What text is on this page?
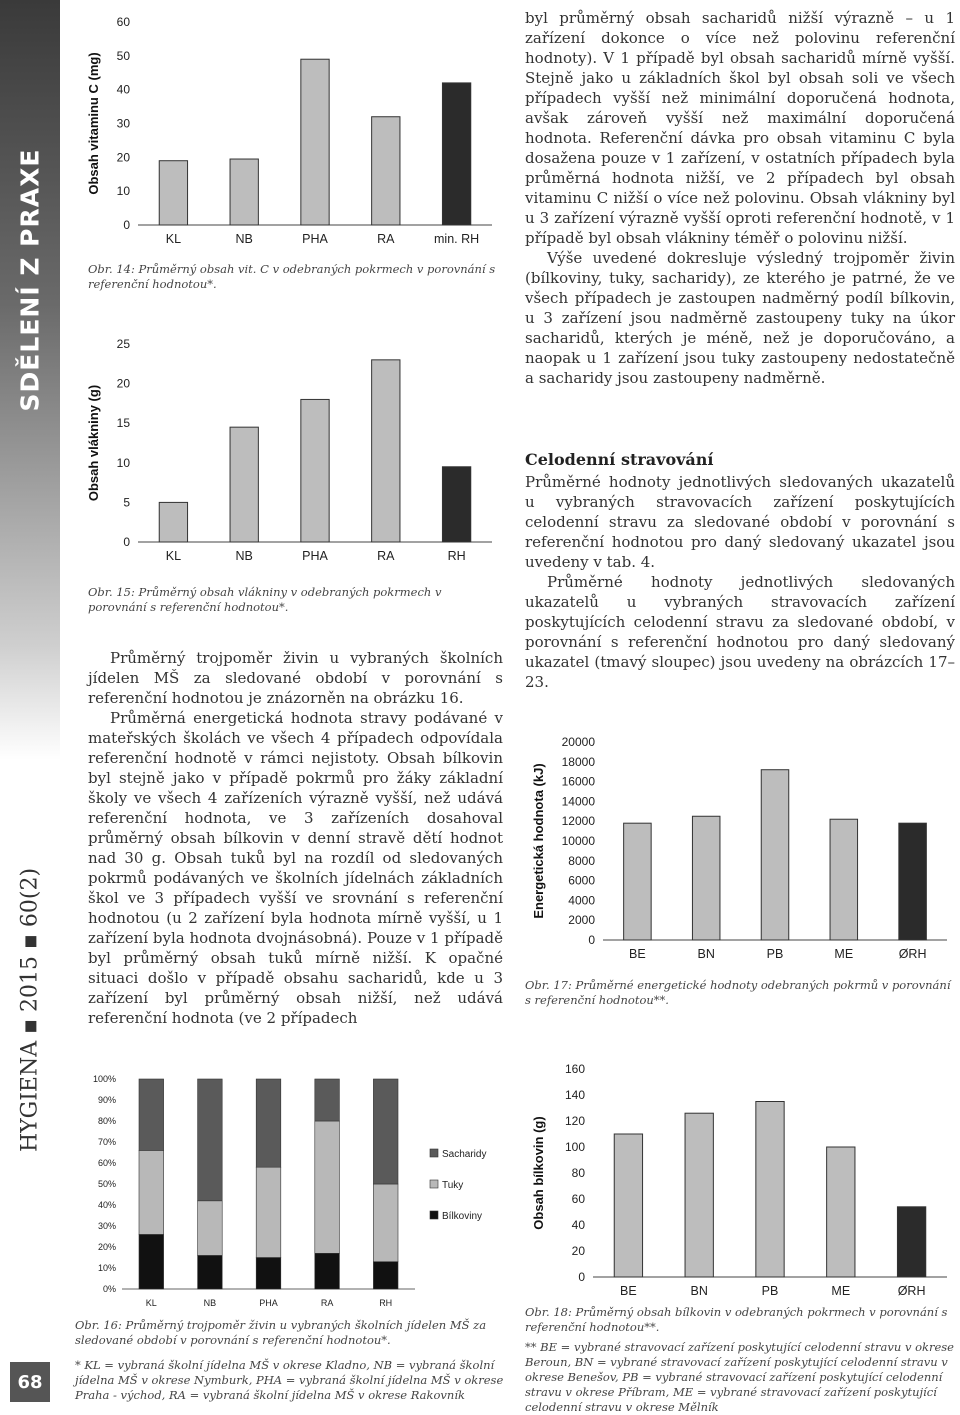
SDĚLENÍ Z PRAXE
HYGIENA ▪ 2015 ▪ 60(2)
68
Obsah vitaminu C (mg)
0
10
20
30
40
50
60
KL	NB	PHA	RA	min. RH
Obr. 14: Průměrný obsah vit. C v odebraných pokrmech v porovnání s referenční hodnotou*.
Obsah vlákniny (g)
0
5
10
15
20
25
KL	NB	PHA	RA	RH
Obr. 15: Průměrný obsah vlákniny v odebraných pokrmech v porovnání s referenční hodnotou*.

Průměrný trojpoměr živin u vybraných školních jídelen MŠ za sledované období v porovnání s referenční hodnotou je znázorněn na obrázku 16.

Průměrná energetická hodnota stravy podávané v mateřských školách ve všech 4 případech odpovídala referenční hodnotě v rámci nejistoty. Obsah bílkovin byl stejně jako v případě pokrmů pro žáky základní školy ve všech 4 zařízeních výrazně vyšší, než udává referenční hodnota, ve 3 zařízeních dosahoval průměrný obsah bílkovin v denní stravě dětí hodnot nad 30 g. Obsah tuků byl na rozdíl od sledovaných pokrmů podávaných ve školních jídelnách základních škol ve 3 případech vyšší ve srovnání s referenční hodnotou (u 2 zařízení byla hodnota mírně vyšší, u 1 zařízení byla hodnota dvojnásobná). Pouze v 1 případě byl průměrný obsah tuků mírně nižší. K opačné situaci došlo v případě obsahu sacharidů, kde u 3 zařízení byl průměrný obsah nižší, než udává referenční hodnota (ve 2 případech

0%
10%
20%
30%
40%
50%
60%
70%
80%
90%
100%
KL	NB	PHA	RA	RH
Sacharidy
Tuky
Bílkoviny
Obr. 16: Průměrný trojpoměr živin u vybraných školních jídelen MŠ za sledované období v porovnání s referenční hodnotou*.
* KL = vybraná školní jídelna MŠ v okrese Kladno, NB = vybraná školní jídelna MŠ v okrese Nymburk, PHA = vybraná školní jídelna MŠ v okrese Praha - východ, RA = vybraná školní jídelna MŠ v okrese Rakovník

byl průměrný obsah sacharidů nižší výrazně – u 1 zařízení dokonce o více než polovinu referenční hodnoty). V 1 případě byl obsah sacharidů mírně vyšší. Stejně jako u základních škol byl obsah soli ve všech případech vyšší než minimální doporučená hodnota, avšak zároveň vyšší než maximální doporučená hodnota. Referenční dávka pro obsah vitaminu C byla dosažena pouze v 1 zařízení, v ostatních případech byla průměrná hodnota nižší, ve 2 případech byl obsah vitaminu C nižší o více než polovinu. Obsah vlákniny byl u 3 zařízení výrazně vyšší oproti referenční hodnotě, v 1 případě byl obsah vlákniny téměř o polovinu nižší.

Výše uvedené dokresluje výsledný trojpoměr živin (bílkoviny, tuky, sacharidy), ze kterého je patrné, že ve všech případech je zastoupen nadměrný podíl bílkovin, u 3 zařízení jsou nadměrně zastoupeny tuky na úkor sacharidů, kterých je méně, než je doporučováno, a naopak u 1 zařízení jsou tuky zastoupeny nedostatečně a sacharidy jsou zastoupeny nadměrně.

Celodenní stravování

Průměrné hodnoty jednotlivých sledovaných ukazatelů u vybraných stravovacích zařízení poskytujících celodenní stravu za sledované období v porovnání s referenční hodnotou pro daný sledovaný ukazatel jsou uvedeny v tab. 4.

Průměrné hodnoty jednotlivých sledovaných ukazatelů u vybraných stravovacích zařízení poskytujících celodenní stravu za sledované období, v porovnání s referenční hodnotou pro daný sledovaný ukazatel (tmavý sloupec) jsou uvedeny na obrázcích 17–23.

Energetická hodnota (kJ)
0
2000
4000
6000
8000
10000
12000
14000
16000
18000
20000
BE	BN	PB	ME	ØRH
Obr. 17: Průměrné energetické hodnoty odebraných pokrmů v porovnání s referenční hodnotou**.
Obsah bílkovin (g)
0
20
40
60
80
100
120
140
160
BE	BN	PB	ME	ØRH
Obr. 18: Průměrný obsah bílkovin v odebraných pokrmech v porovnání s referenční hodnotou**.
** BE = vybrané stravovací zařízení poskytující celodenní stravu v okrese Beroun, BN = vybrané stravovací zařízení poskytující celodenní stravu v okrese Benešov, PB = vybrané stravovací zařízení poskytující celodenní stravu v okrese Příbram, ME = vybrané stravovací zařízení poskytující celodenní stravu v okrese Mělník
